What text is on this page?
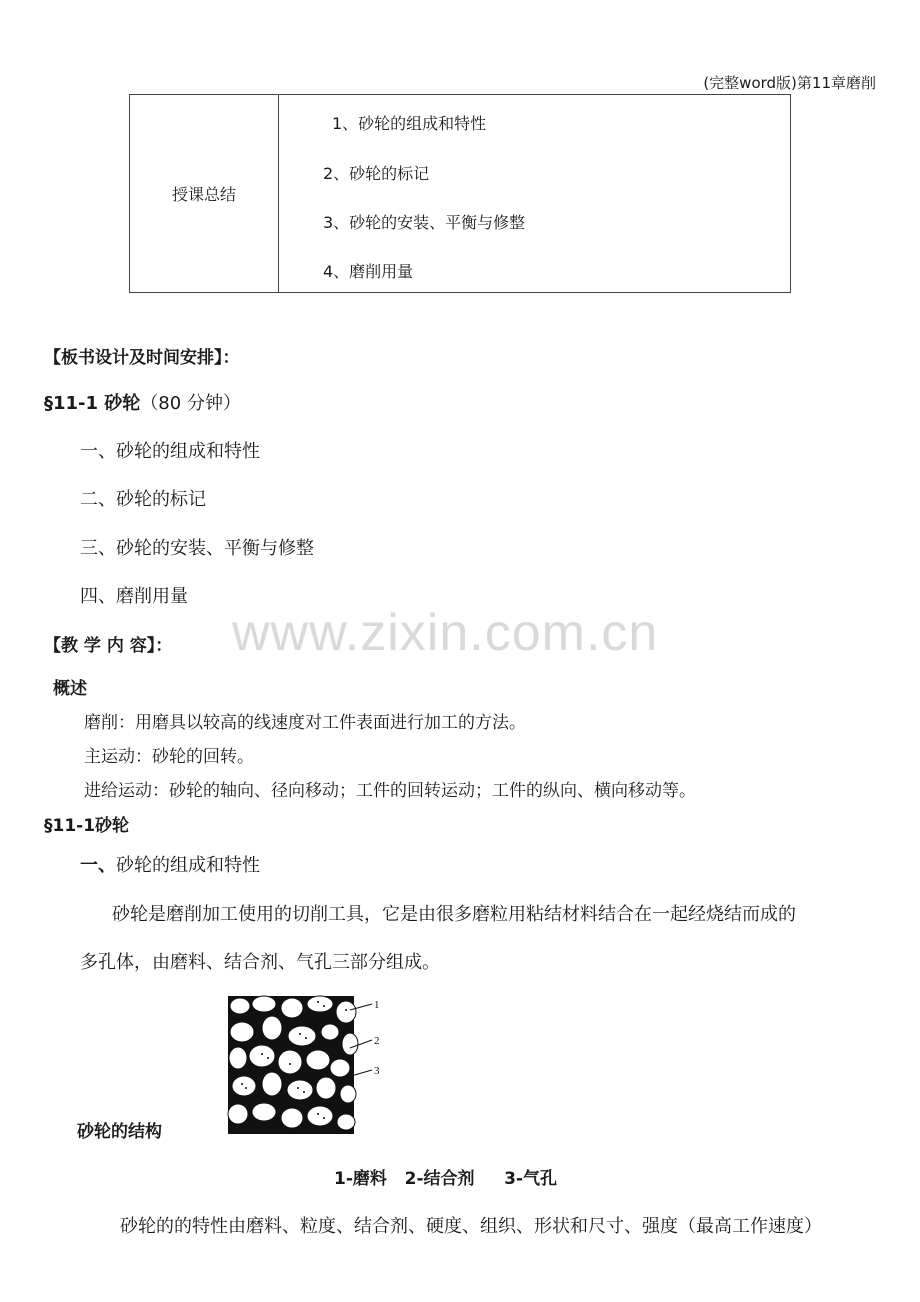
(完整word版)第11章磨削
授课总结	
1、砂轮的组成和特性
2、砂轮的标记
3、砂轮的安装、平衡与修整
4、磨削用量
【板书设计及时间安排】：
§11-1 砂轮（80 分钟）
一、砂轮的组成和特性
二、砂轮的标记
三、砂轮的安装、平衡与修整
四、磨削用量
www.zixin.com.cn
【教 学 内 容】：
概述
磨削：用磨具以较高的线速度对工件表面进行加工的方法。
主运动：砂轮的回转。
进给运动：砂轮的轴向、径向移动；工件的回转运动；工件的纵向、横向移动等。
§11-1砂轮
一、砂轮的组成和特性
砂轮是磨削加工使用的切削工具，它是由很多磨粒用粘结材料结合在一起经烧结而成的
多孔体，由磨料、结合剂、气孔三部分组成。
1
2
3
砂轮的结构
1-磨料   2-结合剂     3-气孔
砂轮的的特性由磨料、粒度、结合剂、硬度、组织、形状和尺寸、强度（最高工作速度）
